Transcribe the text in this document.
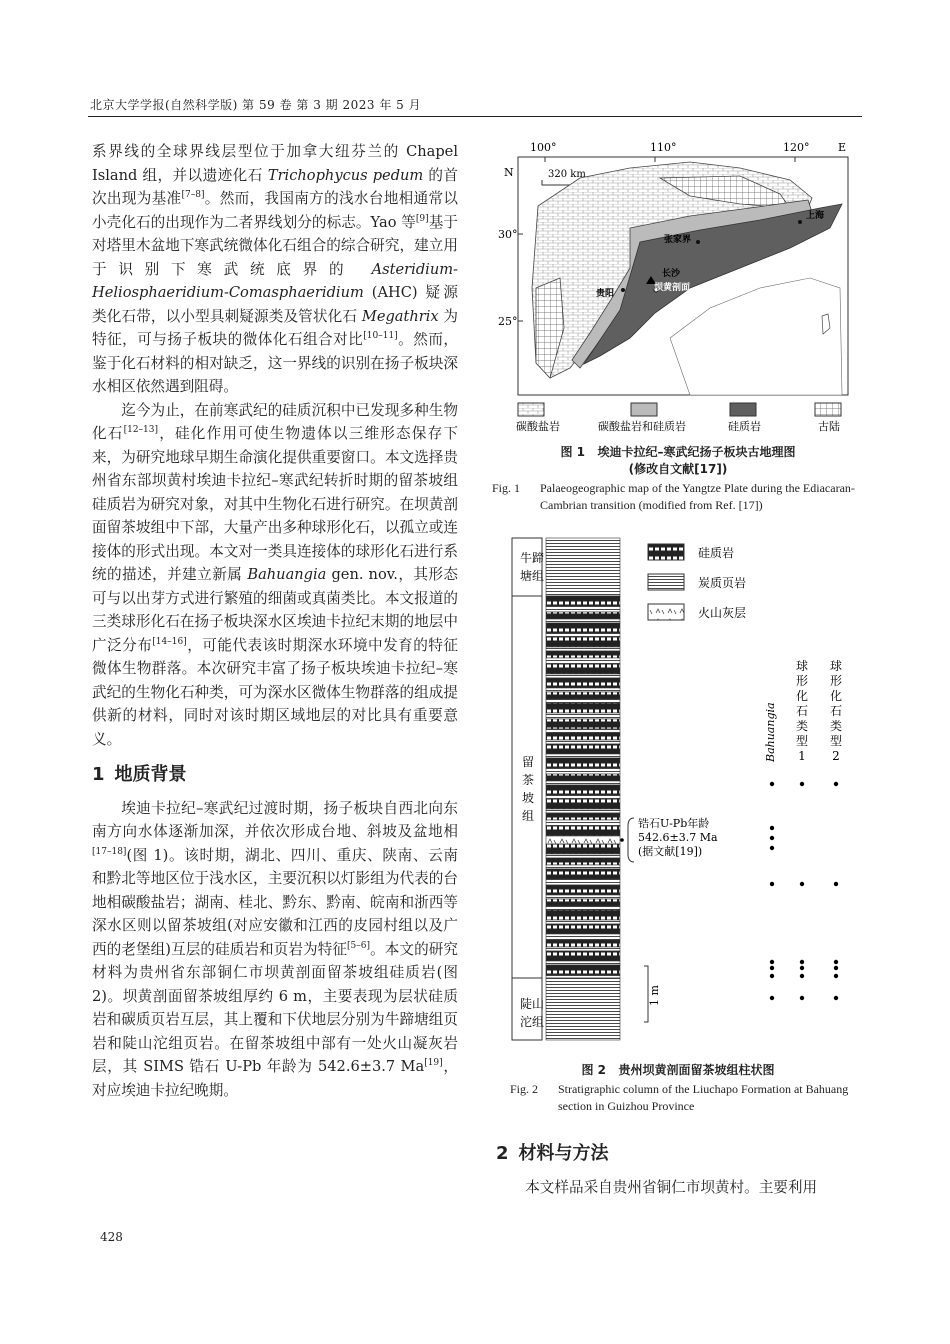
北京大学学报(自然科学版) 第 59 卷 第 3 期 2023 年 5 月

系界线的全球界线层型位于加拿大纽芬兰的 Chapel Island 组，并以遗迹化石 Trichophycus pedum 的首次出现为基准[7–8]。然而，我国南方的浅水台地相通常以小壳化石的出现作为二者界线划分的标志。Yao 等[9]基于对塔里木盆地下寒武统微体化石组合的综合研究，建立用于识别下寒武统底界的 Asteridium-Heliosphaeridium-Comasphaeridium (AHC) 疑源类化石带，以小型具刺疑源类及管状化石 Megathrix 为特征，可与扬子板块的微体化石组合对比[10–11]。然而，鉴于化石材料的相对缺乏，这一界线的识别在扬子板块深水相区依然遇到阻碍。

迄今为止，在前寒武纪的硅质沉积中已发现多种生物化石[12–13]，硅化作用可使生物遗体以三维形态保存下来，为研究地球早期生命演化提供重要窗口。本文选择贵州省东部坝黄村埃迪卡拉纪–寒武纪转折时期的留茶坡组硅质岩为研究对象，对其中生物化石进行研究。在坝黄剖面留茶坡组中下部，大量产出多种球形化石，以孤立或连接体的形式出现。本文对一类具连接体的球形化石进行系统的描述，并建立新属 Bahuangia gen. nov.，其形态可与以出芽方式进行繁殖的细菌或真菌类比。本文报道的三类球形化石在扬子板块深水区埃迪卡拉纪末期的地层中广泛分布[14–16]，可能代表该时期深水环境中发育的特征微体生物群落。本次研究丰富了扬子板块埃迪卡拉纪–寒武纪的生物化石种类，可为深水区微体生物群落的组成提供新的材料，同时对该时期区域地层的对比具有重要意义。

1 地质背景

埃迪卡拉纪–寒武纪过渡时期，扬子板块自西北向东南方向水体逐渐加深，并依次形成台地、斜坡及盆地相[17–18](图 1)。该时期，湖北、四川、重庆、陕南、云南和黔北等地区位于浅水区，主要沉积以灯影组为代表的台地相碳酸盐岩；湖南、桂北、黔东、黔南、皖南和浙西等深水区则以留茶坡组(对应安徽和江西的皮园村组以及广西的老堡组)互层的硅质岩和页岩为特征[5–6]。本文的研究材料为贵州省东部铜仁市坝黄剖面留茶坡组硅质岩(图 2)。坝黄剖面留茶坡组厚约 6 m，主要表现为层状硅质岩和碳质页岩互层，其上覆和下伏地层分别为牛蹄塘组页岩和陡山沱组页岩。在留茶坡组中部有一处火山凝灰岩层，其 SIMS 锆石 U-Pb 年龄为 542.6±3.7 Ma[19]，对应埃迪卡拉纪晚期。

428
100°	110°	120°	E
30°
25°
N	320 km
张家界
长沙
上海
贵阳
坝黄剖面
碳酸盐岩	碳酸盐岩和硅质岩	硅质岩	古陆
图 1 埃迪卡拉纪–寒武纪扬子板块古地理图
(修改自文献[17])
Fig. 1	Palaeogeographic map of the Yangtze Plate during the Ediacaran-Cambrian transition (modified from Ref. [17])
牛蹄
塘组
留
茶
坡
组
陡山
沱组
硅质岩
炭质页岩
火山灰层
锆石U-Pb年龄
542.6±3.7 Ma
(据文献[19])
1 m
Bahuangia
球
形
化
石
类
型
1
球
形
化
石
类
型
2
图 2 贵州坝黄剖面留茶坡组柱状图
Fig. 2	Stratigraphic column of the Liuchapo Formation at Bahuang section in Guizhou Province
2 材料与方法

本文样品采自贵州省铜仁市坝黄村。主要利用
